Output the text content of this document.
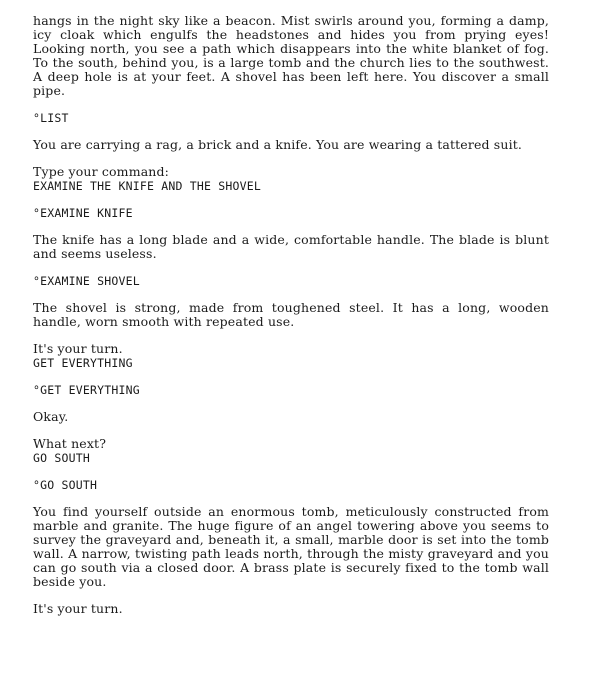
hangs in the night sky like a beacon. Mist swirls around you, forming a damp, icy cloak which engulfs the headstones and hides you from prying eyes! Looking north, you see a path which disappears into the white blanket of fog. To the south, behind you, is a large tomb and the church lies to the southwest. A deep hole is at your feet. A shovel has been left here. You discover a small pipe.

°LIST

You are carrying a rag, a brick and a knife. You are wearing a tattered suit.

Type your command:
EXAMINE THE KNIFE AND THE SHOVEL
°EXAMINE KNIFE

The knife has a long blade and a wide, comfortable handle. The blade is blunt and seems useless.

°EXAMINE SHOVEL

The shovel is strong, made from toughened steel. It has a long, wooden handle, worn smooth with repeated use.

It's your turn.
GET EVERYTHING
°GET EVERYTHING

Okay.

What next?
GO SOUTH
°GO SOUTH

You find yourself outside an enormous tomb, meticulously constructed from marble and granite. The huge figure of an angel towering above you seems to survey the graveyard and, beneath it, a small, marble door is set into the tomb wall. A narrow, twisting path leads north, through the misty graveyard and you can go south via a closed door. A brass plate is securely fixed to the tomb wall beside you.

It's your turn.
